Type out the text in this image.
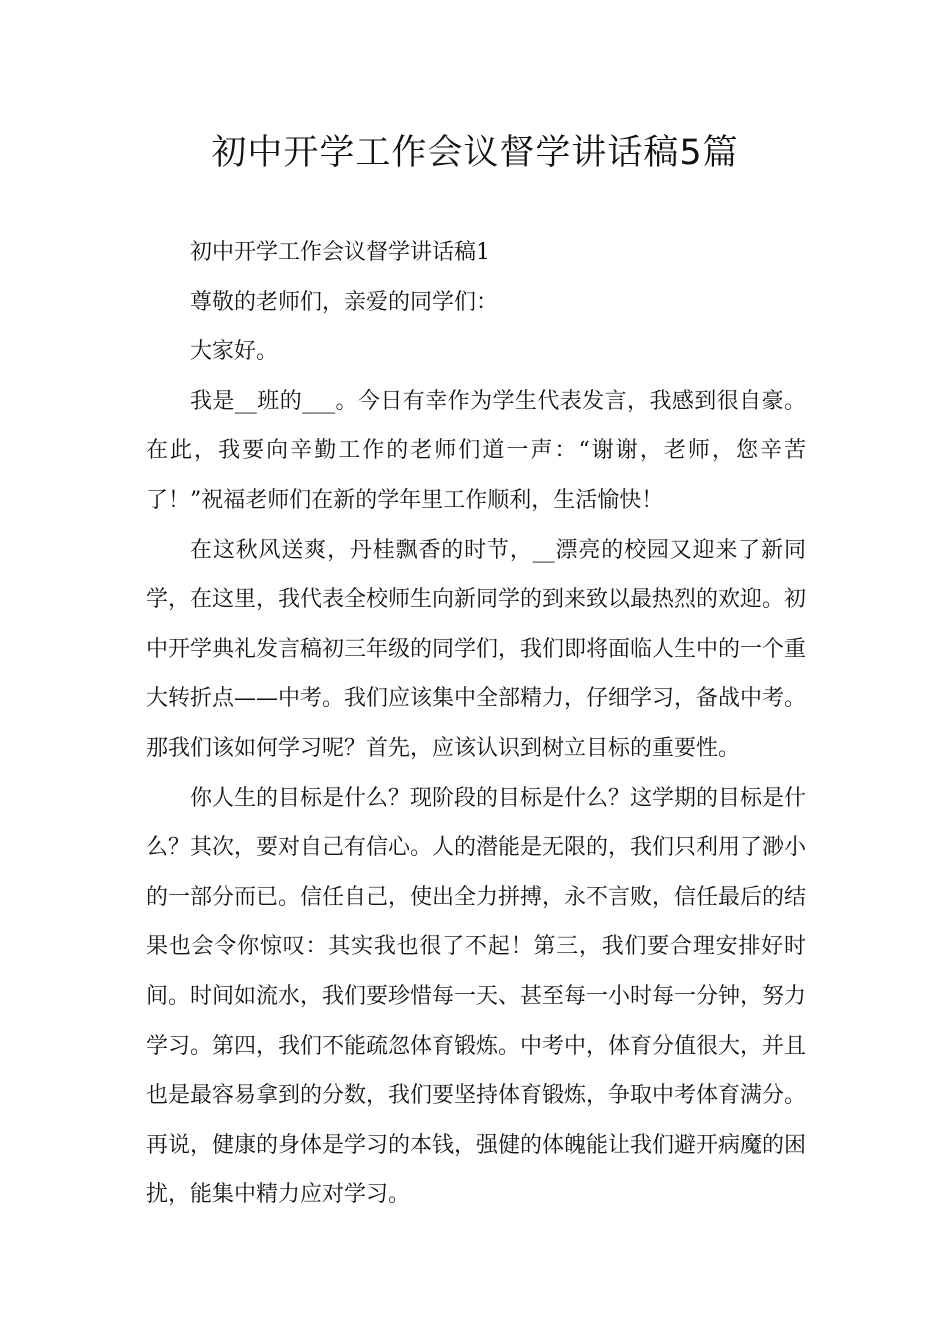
初中开学工作会议督学讲话稿5篇

初中开学工作会议督学讲话稿1

尊敬的老师们，亲爱的同学们：

大家好。

我是__班的___。今日有幸作为学生代表发言，我感到很自豪。在此，我要向辛勤工作的老师们道一声：“谢谢，老师，您辛苦了！”祝福老师们在新的学年里工作顺利，生活愉快！

在这秋风送爽，丹桂飘香的时节，__漂亮的校园又迎来了新同学，在这里，我代表全校师生向新同学的到来致以最热烈的欢迎。初中开学典礼发言稿初三年级的同学们，我们即将面临人生中的一个重大转折点——中考。我们应该集中全部精力，仔细学习，备战中考。那我们该如何学习呢？首先，应该认识到树立目标的重要性。

你人生的目标是什么？现阶段的目标是什么？这学期的目标是什么？其次，要对自己有信心。人的潜能是无限的，我们只利用了渺小的一部分而已。信任自己，使出全力拼搏，永不言败，信任最后的结果也会令你惊叹：其实我也很了不起！第三，我们要合理安排好时间。时间如流水，我们要珍惜每一天、甚至每一小时每一分钟，努力学习。第四，我们不能疏忽体育锻炼。中考中，体育分值很大，并且也是最容易拿到的分数，我们要坚持体育锻炼，争取中考体育满分。再说，健康的身体是学习的本钱，强健的体魄能让我们避开病魔的困扰，能集中精力应对学习。
